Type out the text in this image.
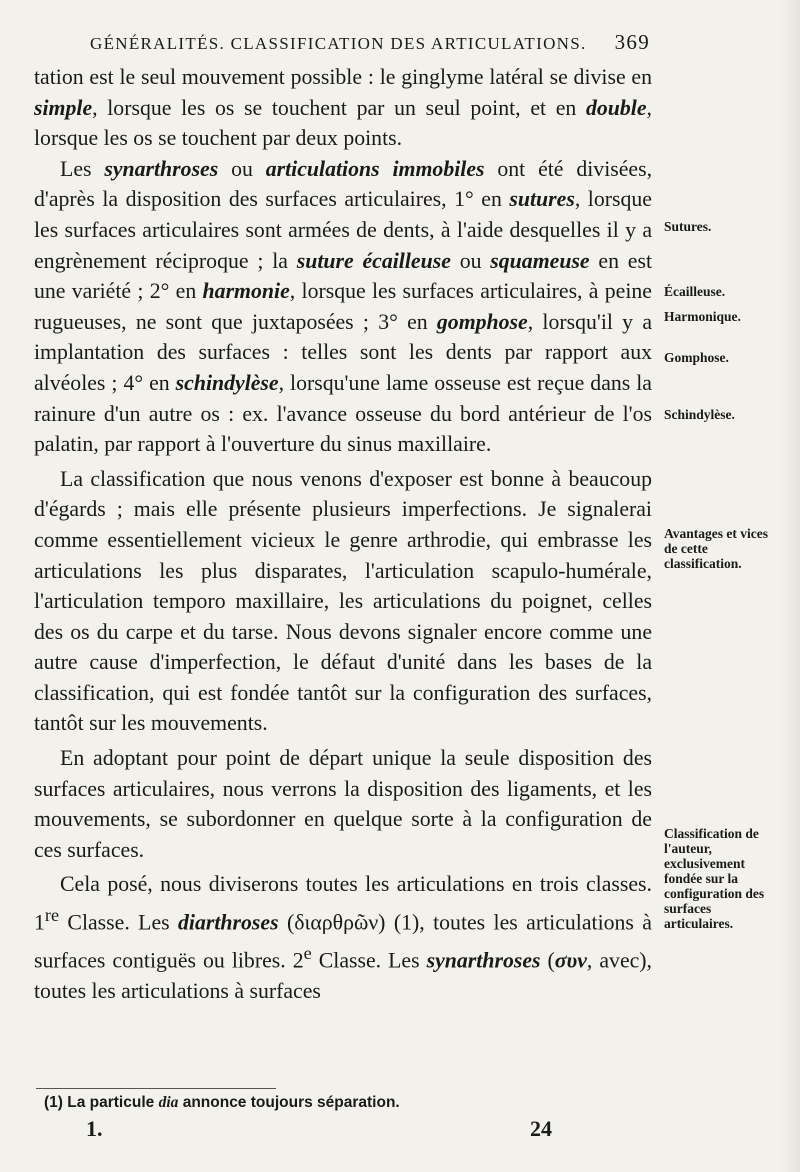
GÉNÉRALITÉS. CLASSIFICATION DES ARTICULATIONS. 369

tation est le seul mouvement possible : le ginglyme latéral se divise en simple, lorsque les os se touchent par un seul point, et en double, lorsque les os se touchent par deux points.

Les synarthroses ou articulations immobiles ont été divisées, d'après la disposition des surfaces articulaires, 1° en sutures, lorsque les surfaces articulaires sont armées de dents, à l'aide desquelles il y a engrènement réciproque ; la suture écailleuse ou squameuse en est une variété ; 2° en harmonie, lorsque les surfaces articulaires, à peine rugueuses, ne sont que juxtaposées ; 3° en gomphose, lorsqu'il y a implantation des surfaces : telles sont les dents par rapport aux alvéoles ; 4° en schindylèse, lorsqu'une lame osseuse est reçue dans la rainure d'un autre os : ex. l'avance osseuse du bord antérieur de l'os palatin, par rapport à l'ouverture du sinus maxillaire.

La classification que nous venons d'exposer est bonne à beaucoup d'égards ; mais elle présente plusieurs imperfections. Je signalerai comme essentiellement vicieux le genre arthrodie, qui embrasse les articulations les plus disparates, l'articulation scapulo-humérale, l'articulation temporo maxillaire, les articulations du poignet, celles des os du carpe et du tarse. Nous devons signaler encore comme une autre cause d'imperfection, le défaut d'unité dans les bases de la classification, qui est fondée tantôt sur la configuration des surfaces, tantôt sur les mouvements.

En adoptant pour point de départ unique la seule disposition des surfaces articulaires, nous verrons la disposition des ligaments, et les mouvements, se subordonner en quelque sorte à la configuration de ces surfaces.

Cela posé, nous diviserons toutes les articulations en trois classes. 1re Classe. Les diarthroses (διαρθρῶν) (1), toutes les articulations à surfaces contiguës ou libres. 2e Classe. Les synarthroses (συν, avec), toutes les articulations à surfaces

Sutures.
Écailleuse.
Harmonique.
Gomphose.
Schindylèse.
Avantages et vices de cette classification.
Classification de l'auteur, exclusivement fondée sur la configuration des surfaces articulaires.
(1) La particule dia annonce toujours séparation.
1.	24
